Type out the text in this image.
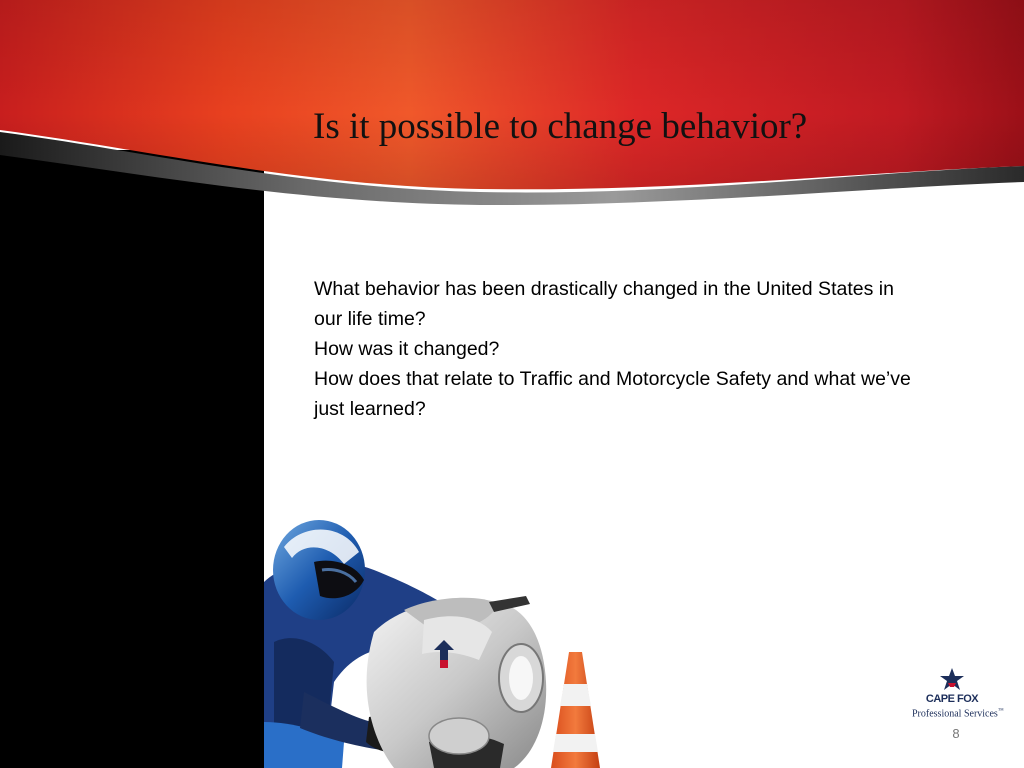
Is it possible to change behavior?

What behavior has been drastically changed in the United States in our life time?

How was it changed?

How does that relate to Traffic and Motorcycle Safety and what we’ve just learned?

CAPE FOX
Professional Services™
8
